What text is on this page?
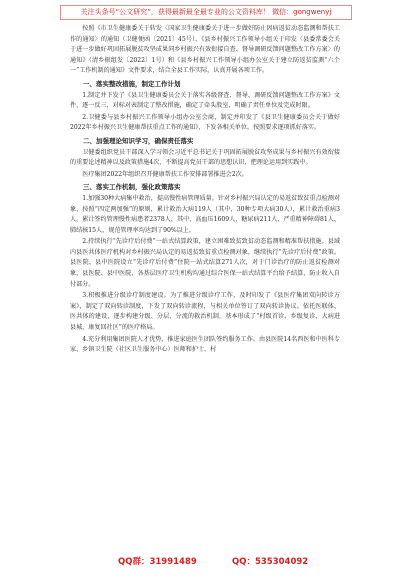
关注头条号“公文研究”，获得最新最全最专业的公文资料库！ 微信：gongwenyj

按照《市卫生健康委关于转发〈国家卫生健康委关于进一步做好防止因病返贫动态监测和帮扶工作的通知〉的通知（卫健便函〔2021〕45号）、《县乡村振兴工作领导小组关于印发〈县委常委会关于进一步做好巩固拓展脱贫攻坚成果同乡村振兴有效衔接自查、督导调研反馈问题整改工作方案〉的通知》（清乡振组发〔2022〕1号）和《县乡村振兴工作领导小组办公室关于建立防返贫监测“六个一”工作机制的通知》文件要求，结合全县工作实际，认真开展各项工作。

一、落实整改措施，制定工作计划

1.制定并下发了《县卫生健康委员会关于落实各级督查、督导、调研反馈问题整改工作方案》文件，逐一反三，对标对表制定了整改措施，确定了牵头股室、明确了责任单位及完成时限。

2.卫健委与县乡村振兴工作领导小组办公室会商，制定并印发了《县卫生健康委员会关于做好2022年乡村振兴卫生健康帮扶重点工作的通知》，下发各相关单位，按照要求逐项抓好落实。

二、加强理论知识学习，确保责任落实

卫健委组织党员干部深入学习领会习近平总书记关于巩固拓展脱贫攻坚成果与乡村振兴有效衔接的重要论述精神以及政策措施4次，不断提高党员干部的思想认识，把理论运用到实践中。

医疗集团2022年组织召开健康帮扶工作安排部署推进会2次。

三、落实工作机制，强化政策落实

1.加强30种大病集中救治，提高慢性病管理质量。针对乡村振兴局认定的易返贫致贫重点检测对象，按照“四定两加强”的原则，累计救治大病119人（其中，30种专项大病30人），累计救治重病3人。累计签约管理慢性病患者2378人，其中，高血压1609人、糖尿病211人、严重精神障碍81人、肺结核15人，规范管理率均达到了90%以上。

2.持续执行“先诊疗后付费”一站式结算政策，建立困难致贫致贫动态监测和精准帮扶措施。县域内县医共体医疗机构对乡村振兴局认定的易返贫致贫重点检测对象，继续执行“先诊疗后付费”政策。县医院、县中医院设立“先诊疗后付费”住院一站式结算271人次，对于门诊治疗的防止返贫检测对象，县医院、县中医院、各基层医疗卫生机构均通过综合医保一站式结算平台给予结算，防止收入自付部分。

3.积极推进分级诊疗制度建设。为了推进分级诊疗工作，及时印发了《县医疗集团双向转诊方案》，制定了双向转诊制度，下发了双向转诊流程，与相关单位签订了双向转诊协议。依托医联体、医共体的建设，逐步构建分级、分层、分流的救治机制，基本形成了“村级首诊、乡级复诊、大病进县城、康复回社区”的医疗格局。

4.充分利用集团医院人才优势，推进家庭医生团队签约服务工作。由县医院14名西医和中医科专家、乡镇卫生院（社区卫生服务中心）医师和护士、村

QQ群：31991489	QQ：535304092
